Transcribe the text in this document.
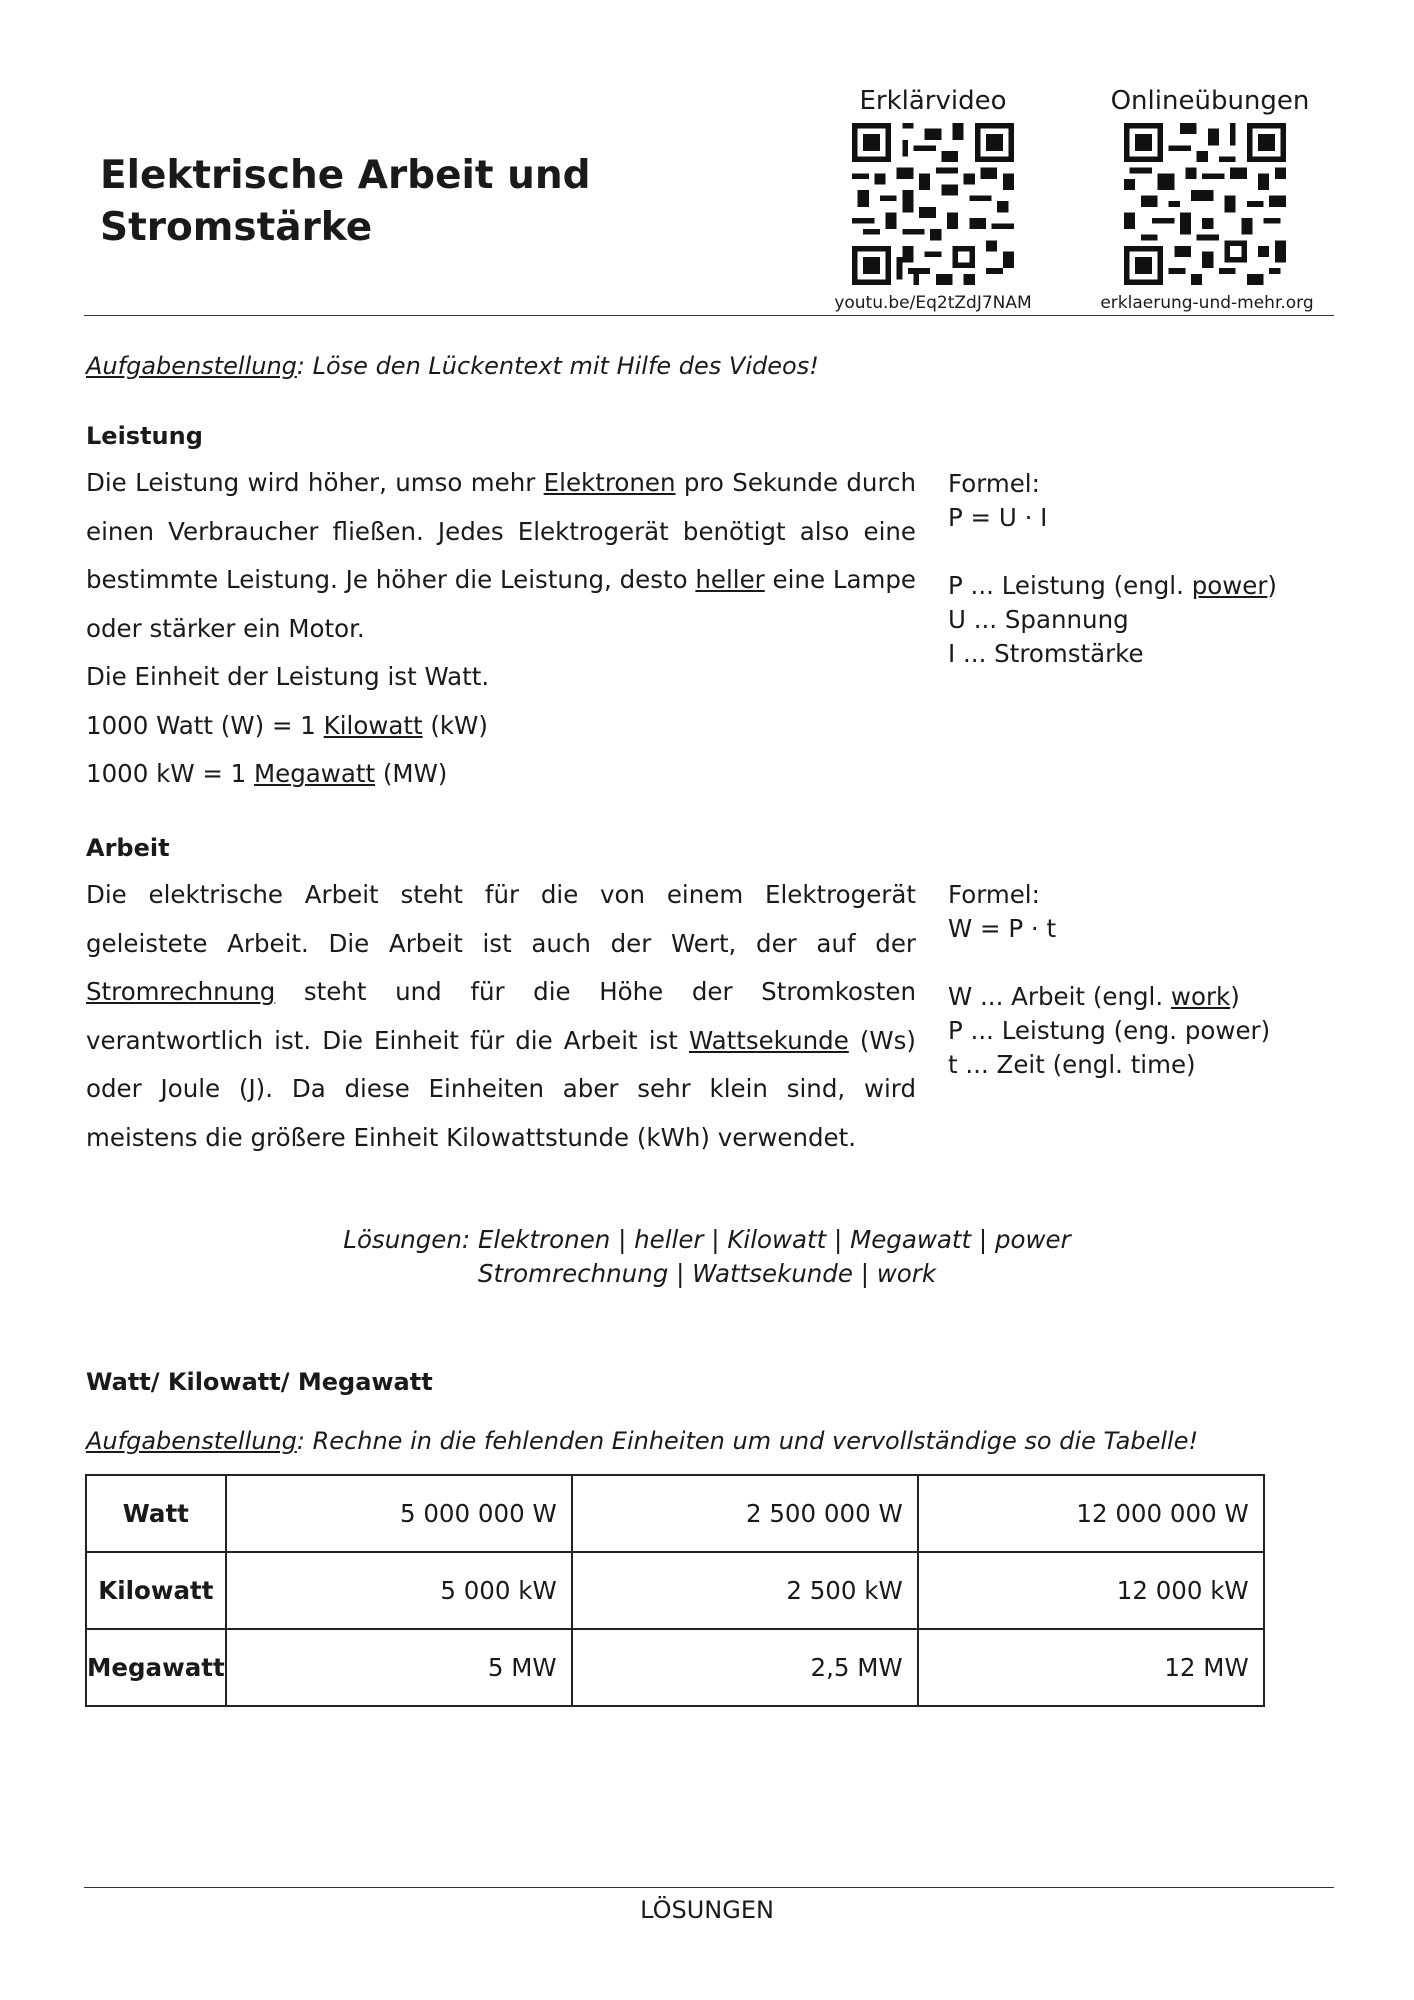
Elektrische Arbeit und
Stromstärke
Erklärvideo
youtu.be/Eq2tZdJ7NAM
Onlineübungen
erklaerung-und-mehr.org
Aufgabenstellung: Löse den Lückentext mit Hilfe des Videos!
Leistung
Die Leistung wird höher, umso mehr Elektronen pro Sekunde durch einen Verbraucher fließen. Jedes Elektrogerät benötigt also eine bestimmte Leistung. Je höher die Leistung, desto heller eine Lampe oder stärker ein Motor.
Die Einheit der Leistung ist Watt.
1000 Watt (W) = 1 Kilowatt (kW)
1000 kW = 1 Megawatt (MW)
Formel:
P = U · I
P ... Leistung (engl. power)
U ... Spannung
I ... Stromstärke
Arbeit
Die elektrische Arbeit steht für die von einem Elektrogerät geleistete Arbeit. Die Arbeit ist auch der Wert, der auf der Stromrechnung steht und für die Höhe der Stromkosten verantwortlich ist. Die Einheit für die Arbeit ist Wattsekunde (Ws) oder Joule (J). Da diese Einheiten aber sehr klein sind, wird meistens die größere Einheit Kilowattstunde (kWh) verwendet.
Formel:
W = P · t
W ... Arbeit (engl. work)
P ... Leistung (eng. power)
t ... Zeit (engl. time)
Lösungen: Elektronen | heller | Kilowatt | Megawatt | power
Stromrechnung | Wattsekunde | work
Watt/ Kilowatt/ Megawatt
Aufgabenstellung: Rechne in die fehlenden Einheiten um und vervollständige so die Tabelle!
Watt	5 000 000 W	2 500 000 W	12 000 000 W
Kilowatt	5 000 kW	2 500 kW	12 000 kW
Megawatt	5 MW	2,5 MW	12 MW
LÖSUNGEN
